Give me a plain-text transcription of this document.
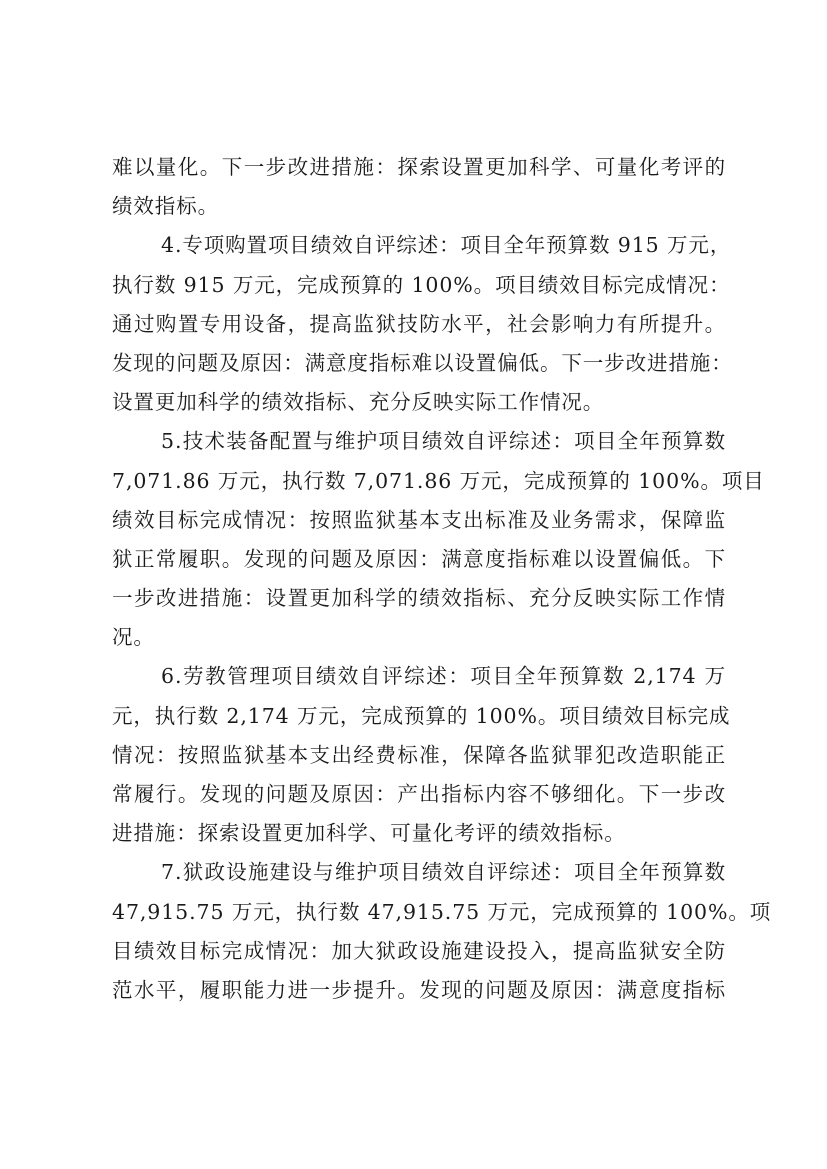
难以量化。下一步改进措施：探索设置更加科学、可量化考评的
绩效指标。
4.专项购置项目绩效自评综述：项目全年预算数 915 万元，
执行数 915 万元，完成预算的 100%。项目绩效目标完成情况：
通过购置专用设备，提高监狱技防水平，社会影响力有所提升。
发现的问题及原因：满意度指标难以设置偏低。下一步改进措施：
设置更加科学的绩效指标、充分反映实际工作情况。
5.技术装备配置与维护项目绩效自评综述：项目全年预算数
7,071.86 万元，执行数 7,071.86 万元，完成预算的 100%。项目
绩效目标完成情况：按照监狱基本支出标准及业务需求，保障监
狱正常履职。发现的问题及原因：满意度指标难以设置偏低。下
一步改进措施：设置更加科学的绩效指标、充分反映实际工作情
况。
6.劳教管理项目绩效自评综述：项目全年预算数 2,174 万
元，执行数 2,174 万元，完成预算的 100%。项目绩效目标完成
情况：按照监狱基本支出经费标准，保障各监狱罪犯改造职能正
常履行。发现的问题及原因：产出指标内容不够细化。下一步改
进措施：探索设置更加科学、可量化考评的绩效指标。
7.狱政设施建设与维护项目绩效自评综述：项目全年预算数
47,915.75 万元，执行数 47,915.75 万元，完成预算的 100%。项
目绩效目标完成情况：加大狱政设施建设投入，提高监狱安全防
范水平，履职能力进一步提升。发现的问题及原因：满意度指标
